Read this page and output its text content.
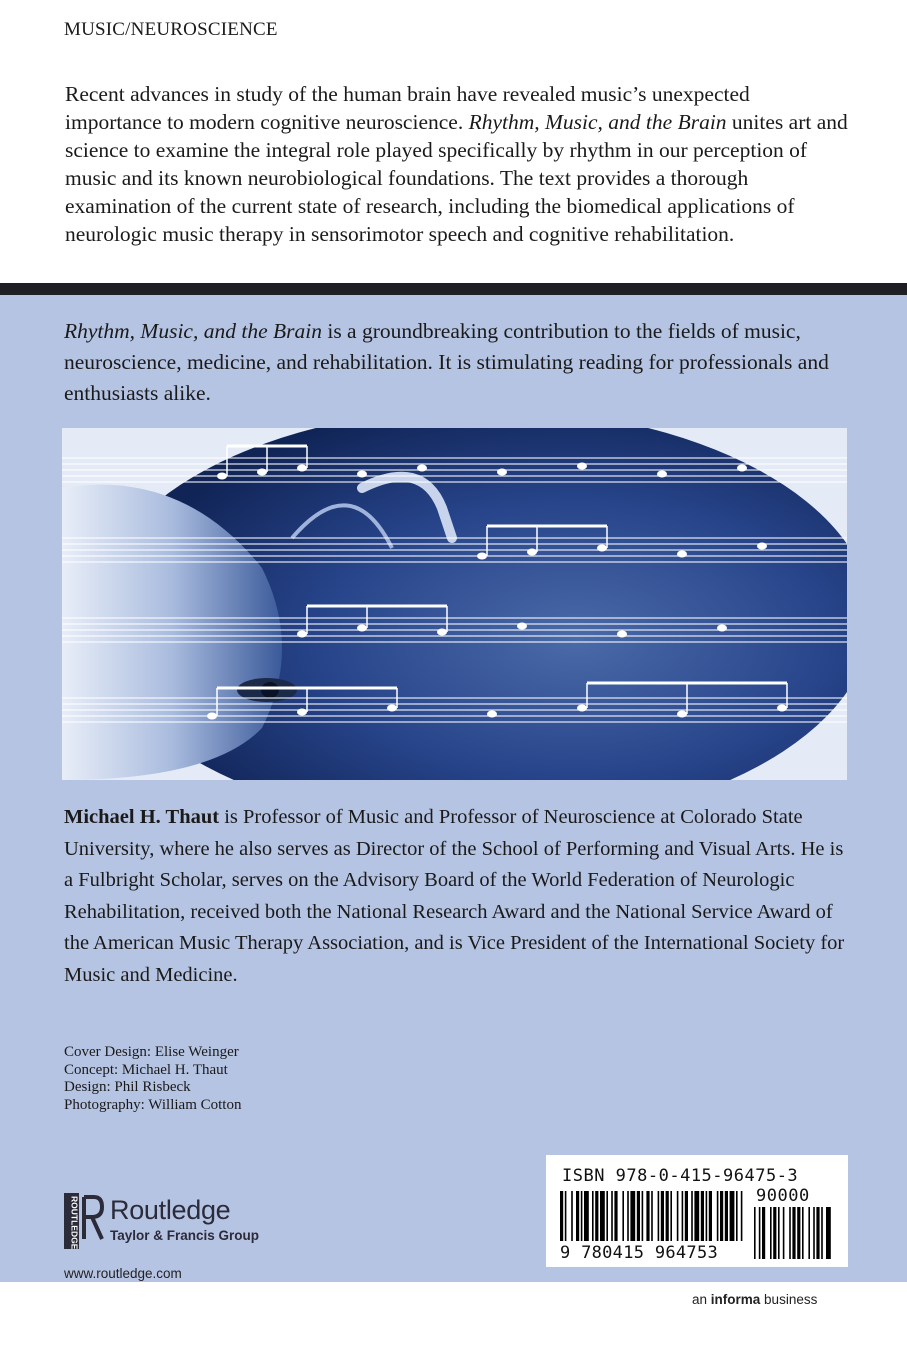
MUSIC/NEUROSCIENCE

Recent advances in study of the human brain have revealed music’s unexpected importance to modern cognitive neuroscience. Rhythm, Music, and the Brain unites art and science to examine the integral role played specifically by rhythm in our perception of music and its known neurobiological foundations. The text provides a thorough examination of the current state of research, including the biomedical applications of neurologic music therapy in sensorimotor speech and cognitive rehabilitation.

Rhythm, Music, and the Brain is a groundbreaking contribution to the fields of music, neuroscience, medicine, and rehabilitation. It is stimulating reading for professionals and enthusiasts alike.

Michael H. Thaut is Professor of Music and Professor of Neuroscience at Colorado State University, where he also serves as Director of the School of Performing and Visual Arts. He is a Fulbright Scholar, serves on the Advisory Board of the World Federation of Neurologic Rehabilitation, received both the National Research Award and the National Service Award of the American Music Therapy Association, and is Vice President of the International Society for Music and Medicine.

Cover Design: Elise Weinger
Concept: Michael H. Thaut
Design: Phil Risbeck
Photography: William Cotton
ROUTLEDGE Routledge
Taylor & Francis Group
ISBN 978-0-415-96475-3
90000
9 780415 964753
www.routledge.com
an informa business
